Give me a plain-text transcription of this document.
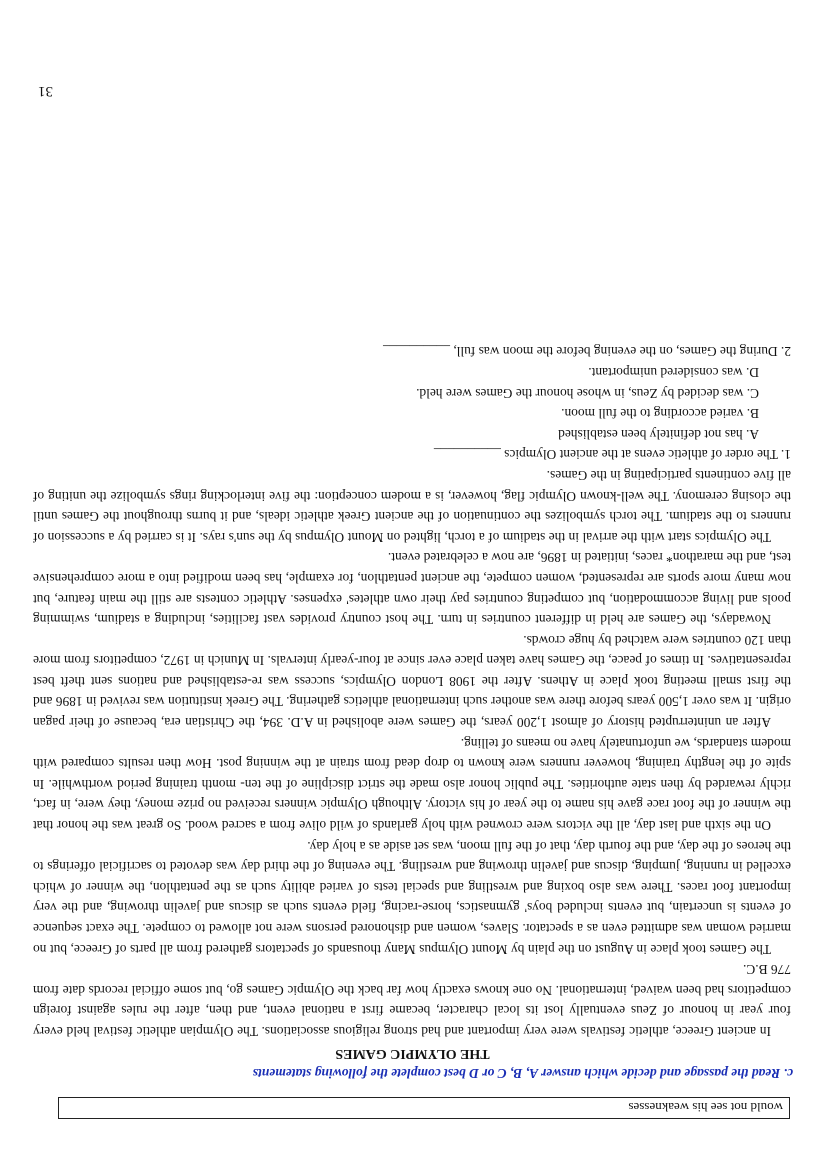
would not see his weaknesses
c. Read the passage and decide which answer A, B, C or D best complete the following statements
THE OLYMPIC GAMES

In ancient Greece, athletic festivals were very important and had strong religious associations. The Olympian athletic festival held every four year in honour of Zeus eventually lost its local character, became first a national event, and then, after the rules against foreign competitors had been waived, international. No one knows exactly how far back the Olympic Games go, but some official records date from 776 B.C.

The Games took place in August on the plain by Mount Olympus Many thousands of spectators gathered from all parts of Greece, but no married woman was admitted even as a spectator. Slaves, women and dishonored persons were not allowed to compete. The exact sequence of events is uncertain, but events included boys' gymnastics, horse-racing, field events such as discus and javelin throwing, and the very important foot races. There was also boxing and wrestling and special tests of varied ability such as the pentathlon, the winner of which excelled in running, jumping, discus and javelin throwing and wrestling. The evening of the third day was devoted to sacrificial offerings to the heroes of the day, and the fourth day, that of the full moon, was set aside as a holy day.

On the sixth and last day, all the victors were crowned with holy garlands of wild olive from a sacred wood. So great was the honor that the winner of the foot race gave his name to the year of his victory. Although Olympic winners received no prize money, they were, in fact, richly rewarded by then state authorities. The public honor also made the strict discipline of the ten- month training period worthwhile. In spite of the lengthy training, however runners were known to drop dead from strain at the winning post. How then results compared with modem standards, we unfortunately have no means of telling.

After an uninterrupted history of almost 1,200 years, the Games were abolished in A.D. 394, the Christian era, because of their pagan origin. It was over 1,500 years before there was another such international athletics gathering. The Greek institution was revived in 1896 and the first small meeting took place in Athens. After the 1908 London Olympics, success was re-established and nations sent theft best representatives. In times of peace, the Games have taken place ever since at four-yearly intervals. In Munich in 1972, competitors from more than 120 countries were watched by huge crowds.

Nowadays, the Games are held in different countries in turn. The host country provides vast facilities, including a stadium, swimming pools and living accommodation, but competing countries pay their own athletes' expenses. Athletic contests are still the main feature, but now many more sports are represented, women compete, the ancient pentathlon, for example, has been modified into a more comprehensive test, and the marathon* races, initiated in 1896, are now a celebrated event.

The Olympics start with the arrival in the stadium of a torch, lighted on Mount Olympus by the sun's rays. It is carried by a succession of runners to the stadium. The torch symbolizes the continuation of the ancient Greek athletic ideals, and it burns throughout the Games until the closing ceremony. The well-known Olympic flag, however, is a modem conception: the five interlocking rings symbolize the uniting of all five continents participating in the Games.

1. The order of athletic evens at the ancient Olympics __________
A. has not definitely been established
B. varied according to the full moon.
C. was decided by Zeus, in whose honour the Games were held.
D. was considered unimportant.
2. During the Games, on the evening before the moon was full, __________
31
